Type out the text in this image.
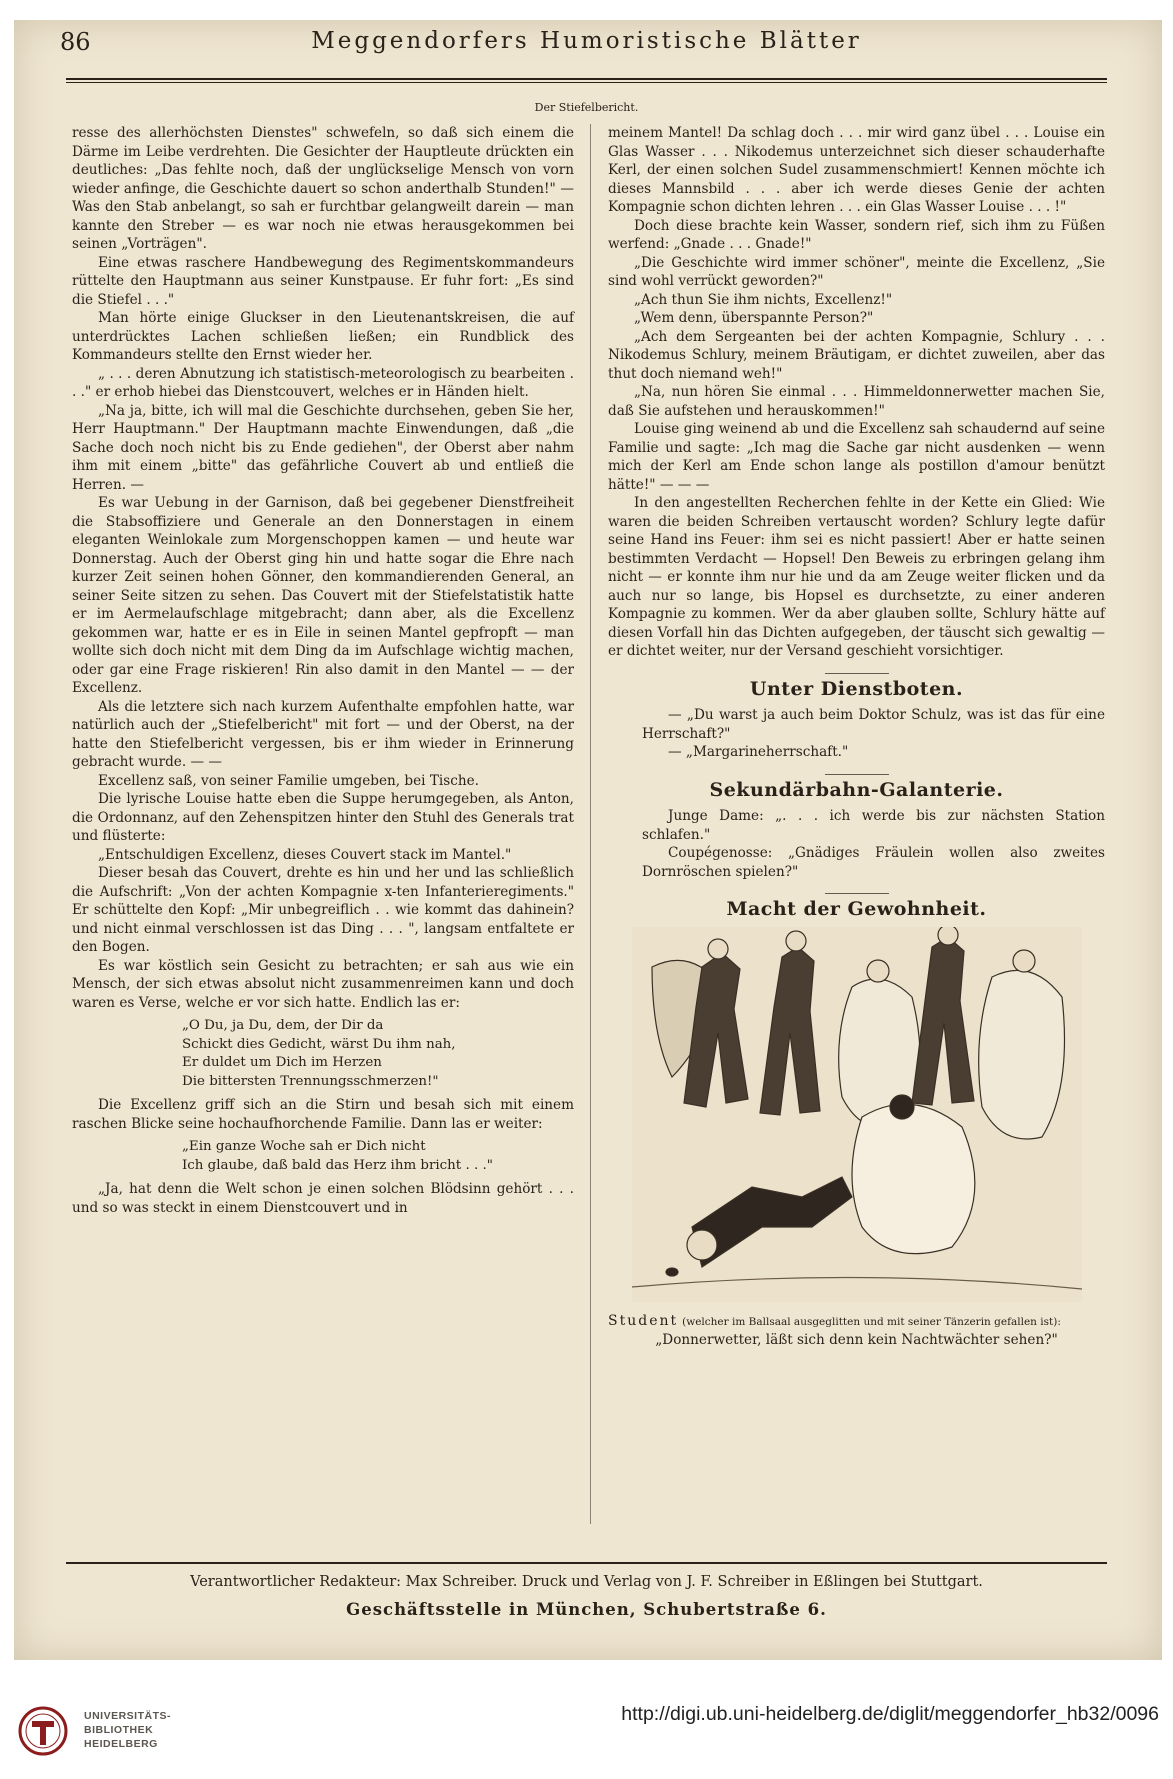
86	Meggendorfers Humoristische Blätter
Der Stiefelbericht.

resse des allerhöchsten Dienstes" schwefeln, so daß sich einem die Därme im Leibe verdrehten. Die Gesichter der Hauptleute drückten ein deutliches: „Das fehlte noch, daß der unglückselige Mensch von vorn wieder anfinge, die Geschichte dauert so schon anderthalb Stunden!" — Was den Stab anbelangt, so sah er furchtbar gelangweilt darein — man kannte den Streber — es war noch nie etwas herausgekommen bei seinen „Vorträgen".

Eine etwas raschere Handbewegung des Regimentskommandeurs rüttelte den Hauptmann aus seiner Kunstpause. Er fuhr fort: „Es sind die Stiefel . . ."

Man hörte einige Gluckser in den Lieutenantskreisen, die auf unterdrücktes Lachen schließen ließen; ein Rundblick des Kommandeurs stellte den Ernst wieder her.

„ . . . deren Abnutzung ich statistisch-meteorologisch zu bearbeiten . . ." er erhob hiebei das Dienstcouvert, welches er in Händen hielt.

„Na ja, bitte, ich will mal die Geschichte durchsehen, geben Sie her, Herr Hauptmann." Der Hauptmann machte Einwendungen, daß „die Sache doch noch nicht bis zu Ende gediehen", der Oberst aber nahm ihm mit einem „bitte" das gefährliche Couvert ab und entließ die Herren. —

Es war Uebung in der Garnison, daß bei gegebener Dienstfreiheit die Stabsoffiziere und Generale an den Donnerstagen in einem eleganten Weinlokale zum Morgenschoppen kamen — und heute war Donnerstag. Auch der Oberst ging hin und hatte sogar die Ehre nach kurzer Zeit seinen hohen Gönner, den kommandierenden General, an seiner Seite sitzen zu sehen. Das Couvert mit der Stiefelstatistik hatte er im Aermelaufschlage mitgebracht; dann aber, als die Excellenz gekommen war, hatte er es in Eile in seinen Mantel gepfropft — man wollte sich doch nicht mit dem Ding da im Aufschlage wichtig machen, oder gar eine Frage riskieren! Rin also damit in den Mantel — — der Excellenz.

Als die letztere sich nach kurzem Aufenthalte empfohlen hatte, war natürlich auch der „Stiefelbericht" mit fort — und der Oberst, na der hatte den Stiefelbericht vergessen, bis er ihm wieder in Erinnerung gebracht wurde. — —

Excellenz saß, von seiner Familie umgeben, bei Tische.

Die lyrische Louise hatte eben die Suppe herumgegeben, als Anton, die Ordonnanz, auf den Zehenspitzen hinter den Stuhl des Generals trat und flüsterte:

„Entschuldigen Excellenz, dieses Couvert stack im Mantel."

Dieser besah das Couvert, drehte es hin und her und las schließlich die Aufschrift: „Von der achten Kompagnie x-ten Infanterieregiments." Er schüttelte den Kopf: „Mir unbegreiflich . . wie kommt das dahinein? und nicht einmal verschlossen ist das Ding . . . ", langsam entfaltete er den Bogen.

Es war köstlich sein Gesicht zu betrachten; er sah aus wie ein Mensch, der sich etwas absolut nicht zusammenreimen kann und doch waren es Verse, welche er vor sich hatte. Endlich las er:

„O Du, ja Du, dem, der Dir da
Schickt dies Gedicht, wärst Du ihm nah,
Er duldet um Dich im Herzen
Die bittersten Trennungsschmerzen!"

Die Excellenz griff sich an die Stirn und besah sich mit einem raschen Blicke seine hochaufhorchende Familie. Dann las er weiter:

„Ein ganze Woche sah er Dich nicht
Ich glaube, daß bald das Herz ihm bricht . . ."

„Ja, hat denn die Welt schon je einen solchen Blödsinn gehört . . . und so was steckt in einem Dienstcouvert und in

meinem Mantel! Da schlag doch . . . mir wird ganz übel . . . Louise ein Glas Wasser . . . Nikodemus unterzeichnet sich dieser schauderhafte Kerl, der einen solchen Sudel zusammenschmiert! Kennen möchte ich dieses Mannsbild . . . aber ich werde dieses Genie der achten Kompagnie schon dichten lehren . . . ein Glas Wasser Louise . . . !"

Doch diese brachte kein Wasser, sondern rief, sich ihm zu Füßen werfend: „Gnade . . . Gnade!"

„Die Geschichte wird immer schöner", meinte die Excellenz, „Sie sind wohl verrückt geworden?"

„Ach thun Sie ihm nichts, Excellenz!"

„Wem denn, überspannte Person?"

„Ach dem Sergeanten bei der achten Kompagnie, Schlury . . . Nikodemus Schlury, meinem Bräutigam, er dichtet zuweilen, aber das thut doch niemand weh!"

„Na, nun hören Sie einmal . . . Himmeldonnerwetter machen Sie, daß Sie aufstehen und herauskommen!"

Louise ging weinend ab und die Excellenz sah schaudernd auf seine Familie und sagte: „Ich mag die Sache gar nicht ausdenken — wenn mich der Kerl am Ende schon lange als postillon d'amour benützt hätte!" — — —

In den angestellten Recherchen fehlte in der Kette ein Glied: Wie waren die beiden Schreiben vertauscht worden? Schlury legte dafür seine Hand ins Feuer: ihm sei es nicht passiert! Aber er hatte seinen bestimmten Verdacht — Hopsel! Den Beweis zu erbringen gelang ihm nicht — er konnte ihm nur hie und da am Zeuge weiter flicken und da auch nur so lange, bis Hopsel es durchsetzte, zu einer anderen Kompagnie zu kommen. Wer da aber glauben sollte, Schlury hätte auf diesen Vorfall hin das Dichten aufgegeben, der täuscht sich gewaltig — er dichtet weiter, nur der Versand geschieht vorsichtiger.

Unter Dienstboten.

— „Du warst ja auch beim Doktor Schulz, was ist das für eine Herrschaft?"

— „Margarineherrschaft."

Sekundärbahn-Galanterie.

Junge Dame: „. . . ich werde bis zur nächsten Station schlafen."

Coupégenosse: „Gnädiges Fräulein wollen also zweites Dornröschen spielen?"

Macht der Gewohnheit.

Student (welcher im Ballsaal ausgeglitten und mit seiner Tänzerin gefallen ist):

„Donnerwetter, läßt sich denn kein Nachtwächter sehen?"

Verantwortlicher Redakteur: Max Schreiber. Druck und Verlag von J. F. Schreiber in Eßlingen bei Stuttgart.
Geschäftsstelle in München, Schubertstraße 6.
UNIVERSITÄTS-
BIBLIOTHEK
HEIDELBERG
http://digi.ub.uni-heidelberg.de/diglit/meggendorfer_hb32/0096
